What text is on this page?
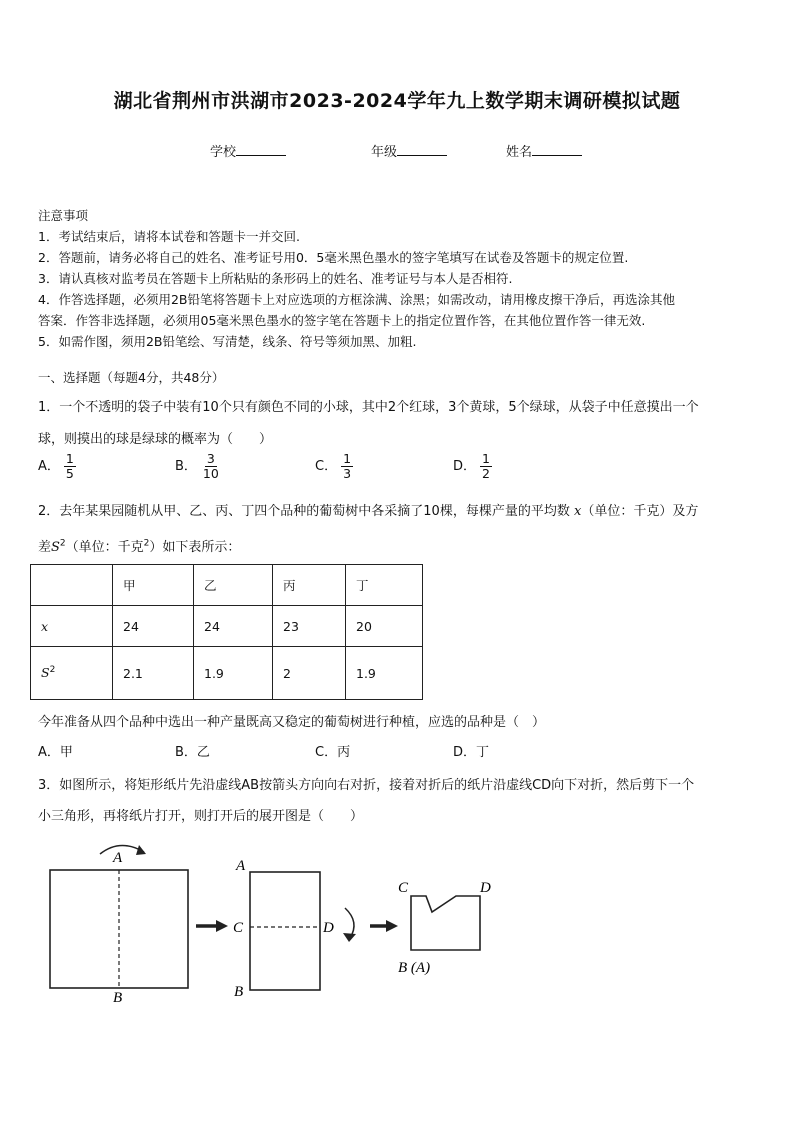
湖北省荆州市洪湖市2023-2024学年九上数学期末调研模拟试题
学校	年级	姓名
注意事项
1．考试结束后，请将本试卷和答题卡一并交回.
2．答题前，请务必将自己的姓名、准考证号用0．5毫米黑色墨水的签字笔填写在试卷及答题卡的规定位置.
3．请认真核对监考员在答题卡上所粘贴的条形码上的姓名、准考证号与本人是否相符.
4．作答选择题，必须用2B铅笔将答题卡上对应选项的方框涂满、涂黑；如需改动，请用橡皮擦干净后，再选涂其他
答案．作答非选择题，必须用05毫米黑色墨水的签字笔在答题卡上的指定位置作答，在其他位置作答一律无效.
5．如需作图，须用2B铅笔绘、写清楚，线条、符号等须加黑、加粗.
一、选择题（每题4分，共48分）
1．一个不透明的袋子中装有10个只有颜色不同的小球，其中2个红球，3个黄球，5个绿球，从袋子中任意摸出一个
球，则摸出的球是绿球的概率为（　　）
A． $\frac{1}{5}$	B． $\frac{3}{10}$	C． $\frac{1}{3}$	D． $\frac{1}{2}$
2．去年某果园随机从甲、乙、丙、丁四个品种的葡萄树中各采摘了10棵，每棵产量的平均数 x（单位：千克）及方
差$S^2$（单位：千克$^2$）如下表所示：
	甲	乙	丙	丁
x	24	24	23	20
$S^2$	2.1	1.9	2	1.9
今年准备从四个品种中选出一种产量既高又稳定的葡萄树进行种植，应选的品种是（　）
A．甲	B．乙	C．丙	D．丁
3．如图所示，将矩形纸片先沿虚线AB按箭头方向向右对折，接着对折后的纸片沿虚线CD向下对折，然后剪下一个
小三角形，再将纸片打开，则打开后的展开图是（　　）
A
B
A
B
C	D
C	D
B (A)
